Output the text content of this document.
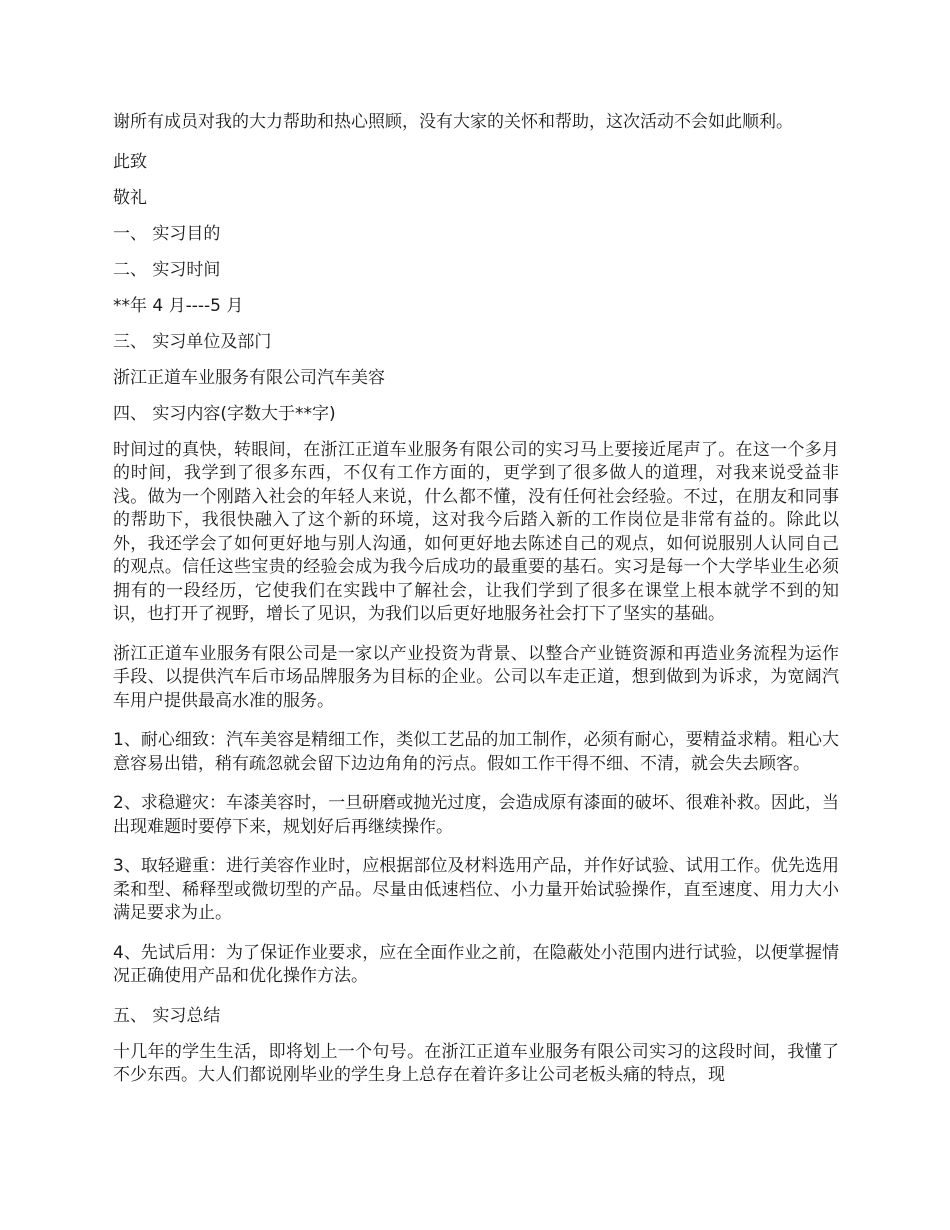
谢所有成员对我的大力帮助和热心照顾，没有大家的关怀和帮助，这次活动不会如此顺利。

此致

敬礼

一、 实习目的

二、 实习时间

**年 4 月----5 月

三、 实习单位及部门

浙江正道车业服务有限公司汽车美容

四、 实习内容(字数大于**字)

时间过的真快，转眼间，在浙江正道车业服务有限公司的实习马上要接近尾声了。在这一个多月的时间，我学到了很多东西，不仅有工作方面的，更学到了很多做人的道理，对我来说受益非浅。做为一个刚踏入社会的年轻人来说，什么都不懂，没有任何社会经验。不过，在朋友和同事的帮助下，我很快融入了这个新的环境，这对我今后踏入新的工作岗位是非常有益的。除此以外，我还学会了如何更好地与别人沟通，如何更好地去陈述自己的观点，如何说服别人认同自己的观点。信任这些宝贵的经验会成为我今后成功的最重要的基石。实习是每一个大学毕业生必须拥有的一段经历，它使我们在实践中了解社会，让我们学到了很多在课堂上根本就学不到的知识，也打开了视野，增长了见识，为我们以后更好地服务社会打下了坚实的基础。

浙江正道车业服务有限公司是一家以产业投资为背景、以整合产业链资源和再造业务流程为运作手段、以提供汽车后市场品牌服务为目标的企业。公司以车走正道，想到做到为诉求，为宽阔汽车用户提供最高水准的服务。

1、耐心细致：汽车美容是精细工作，类似工艺品的加工制作，必须有耐心，要精益求精。粗心大意容易出错，稍有疏忽就会留下边边角角的污点。假如工作干得不细、不清，就会失去顾客。

2、求稳避灾：车漆美容时，一旦研磨或抛光过度，会造成原有漆面的破坏、很难补救。因此，当出现难题时要停下来，规划好后再继续操作。

3、取轻避重：进行美容作业时，应根据部位及材料选用产品，并作好试验、试用工作。优先选用柔和型、稀释型或微切型的产品。尽量由低速档位、小力量开始试验操作，直至速度、用力大小满足要求为止。

4、先试后用：为了保证作业要求，应在全面作业之前，在隐蔽处小范围内进行试验，以便掌握情况正确使用产品和优化操作方法。

五、 实习总结

十几年的学生生活，即将划上一个句号。在浙江正道车业服务有限公司实习的这段时间，我懂了不少东西。大人们都说刚毕业的学生身上总存在着许多让公司老板头痛的特点，现
